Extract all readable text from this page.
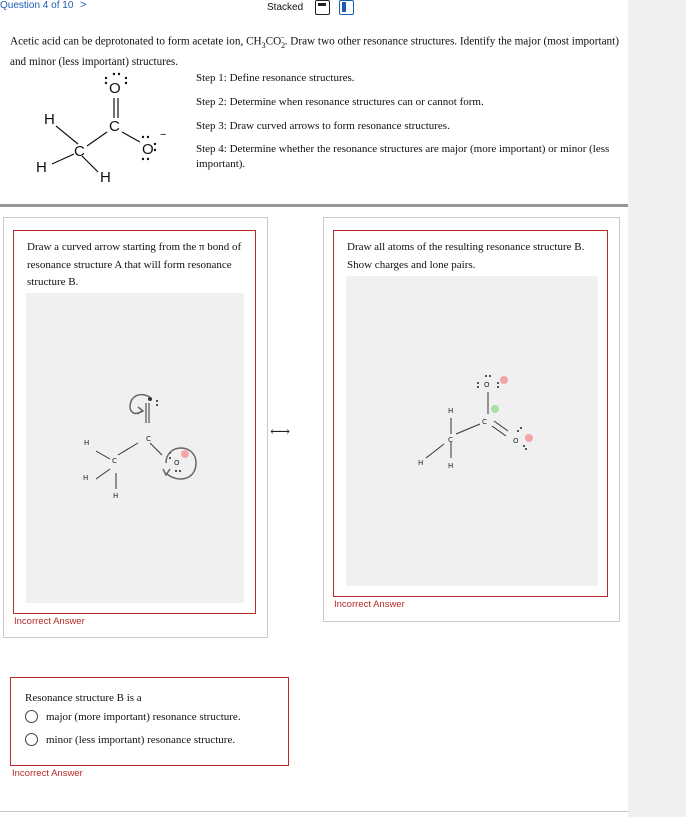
Question 4 of 10 >	Stacked
Acetic acid can be deprotonated to form acetate ion, $CH_3CO_2^-$. Draw two other resonance structures. Identify the major (most important) and minor (less important) structures.
O
C
O
C
H
H
H
−
Step 1: Define resonance structures.
Step 2: Determine when resonance structures can or cannot form.
Step 3: Draw curved arrows to form resonance structures.
Step 4: Determine whether the resonance structures are major (more important) or minor (less important).
Draw a curved arrow starting from the π bond of resonance structure A that will form resonance structure B.
C
C
H
H
H
O
Incorrect Answer
⟷
Draw all atoms of the resulting resonance structure B. Show charges and lone pairs.
H
C
H
H
C
O
O
Incorrect Answer
Resonance structure B is a
major (more important) resonance structure.
minor (less important) resonance structure.
Incorrect Answer
